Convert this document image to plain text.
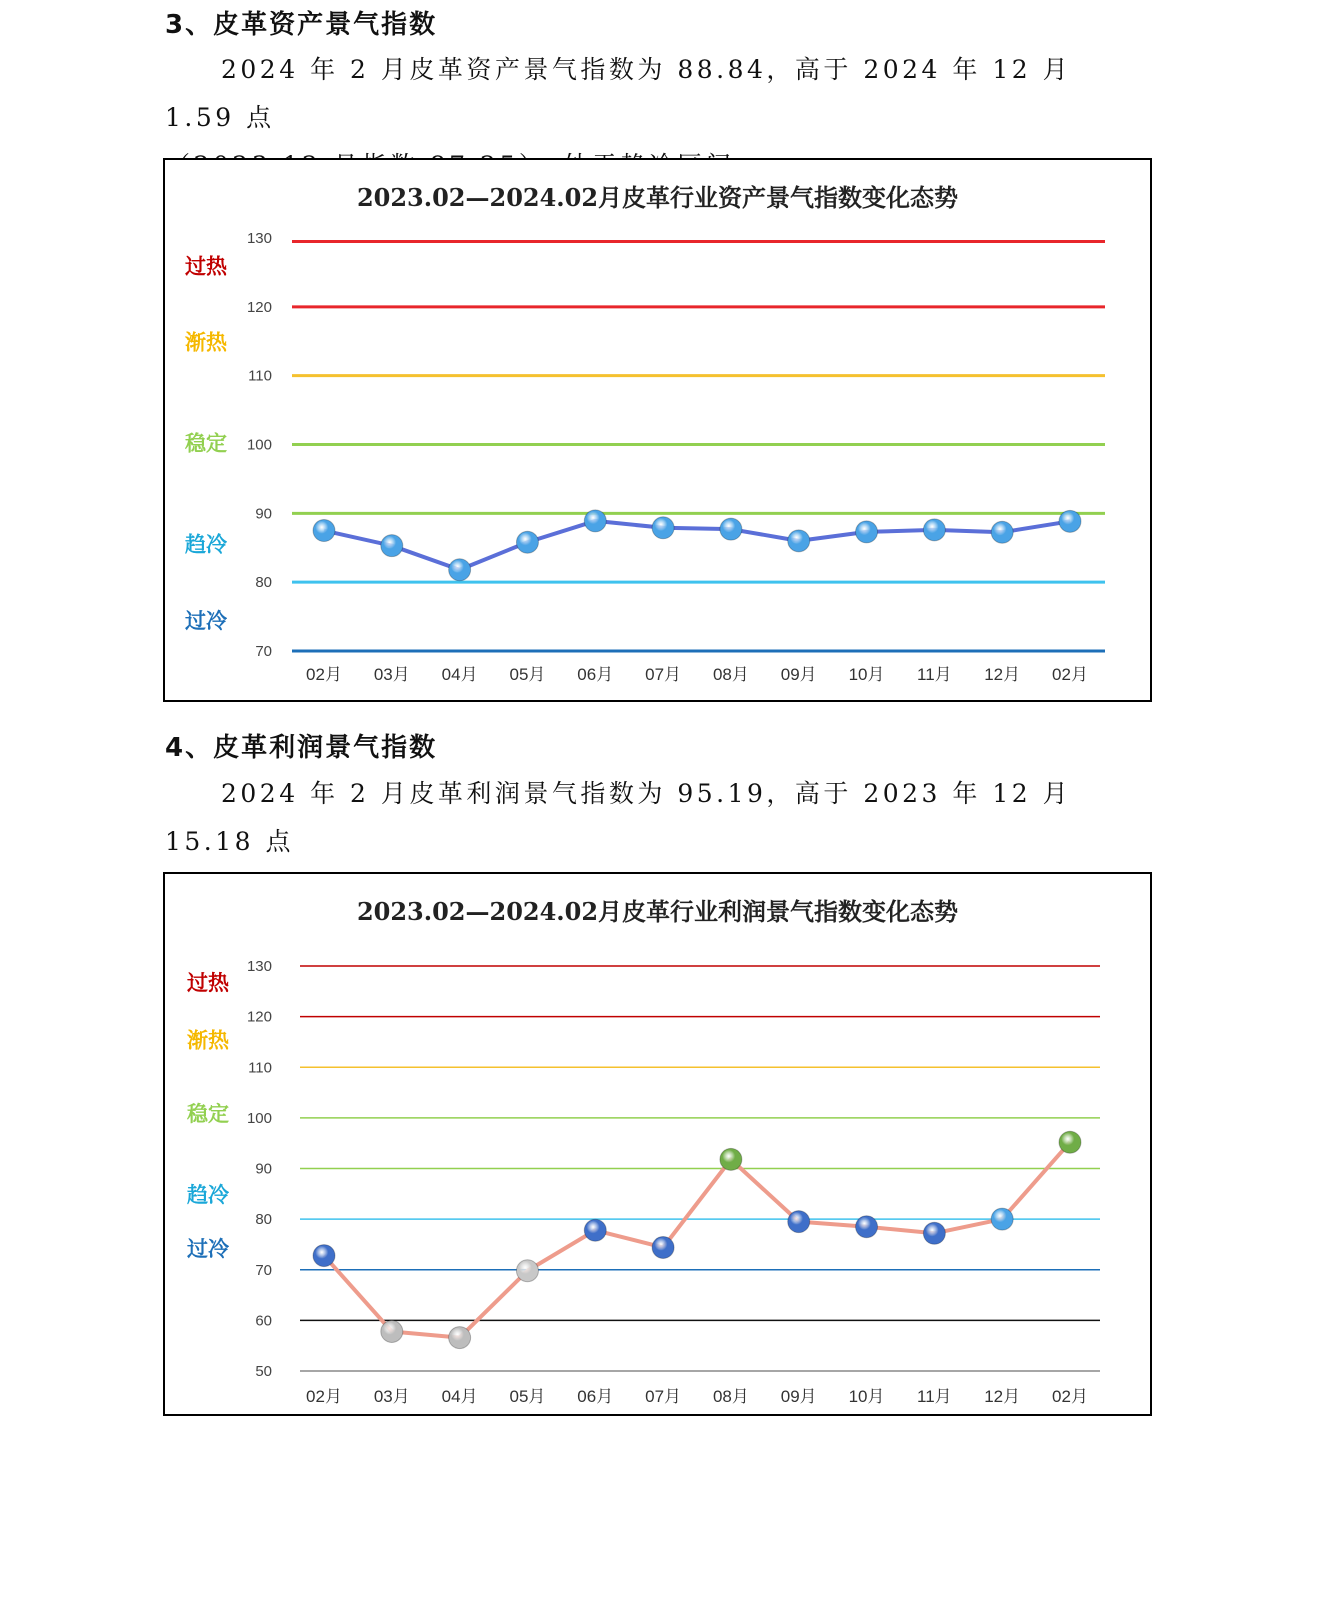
3、皮革资产景气指数
2024 年 2 月皮革资产景气指数为 88.84，高于 2024 年 12 月 1.59 点
2023.02—2024.02月皮革行业资产景气指数变化态势
70
80
90
100
110
120
130
过热
渐热
稳定
趋冷
过冷
02月 03月 04月 05月 06月 07月 08月 09月 10月 11月 12月 02月
4、皮革利润景气指数
2024 年 2 月皮革利润景气指数为 95.19，高于 2023 年 12 月 15.18 点
2023.02—2024.02月皮革行业利润景气指数变化态势
50
60
70
80
90
100
110
120
130
过热
渐热
稳定
趋冷
过冷
02月 03月 04月 05月 06月 07月 08月 09月 10月 11月 12月 02月
